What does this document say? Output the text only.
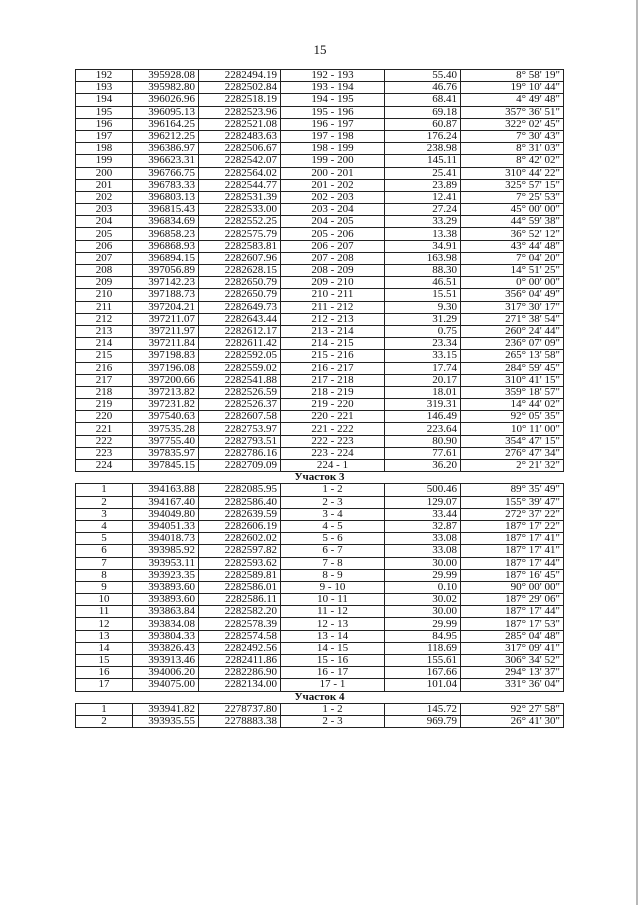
15
192	395928.08	2282494.19	192 - 193	55.40	8° 58' 19"
193	395982.80	2282502.84	193 - 194	46.76	19° 10' 44"
194	396026.96	2282518.19	194 - 195	68.41	4° 49' 48"
195	396095.13	2282523.96	195 - 196	69.18	357° 36' 51"
196	396164.25	2282521.08	196 - 197	60.87	322° 02' 45"
197	396212.25	2282483.63	197 - 198	176.24	7° 30' 43"
198	396386.97	2282506.67	198 - 199	238.98	8° 31' 03"
199	396623.31	2282542.07	199 - 200	145.11	8° 42' 02"
200	396766.75	2282564.02	200 - 201	25.41	310° 44' 22"
201	396783.33	2282544.77	201 - 202	23.89	325° 57' 15"
202	396803.13	2282531.39	202 - 203	12.41	7° 25' 53"
203	396815.43	2282533.00	203 - 204	27.24	45° 00' 00"
204	396834.69	2282552.25	204 - 205	33.29	44° 59' 38"
205	396858.23	2282575.79	205 - 206	13.38	36° 52' 12"
206	396868.93	2282583.81	206 - 207	34.91	43° 44' 48"
207	396894.15	2282607.96	207 - 208	163.98	7° 04' 20"
208	397056.89	2282628.15	208 - 209	88.30	14° 51' 25"
209	397142.23	2282650.79	209 - 210	46.51	0° 00' 00"
210	397188.73	2282650.79	210 - 211	15.51	356° 04' 49"
211	397204.21	2282649.73	211 - 212	9.30	317° 30' 17"
212	397211.07	2282643.44	212 - 213	31.29	271° 38' 54"
213	397211.97	2282612.17	213 - 214	0.75	260° 24' 44"
214	397211.84	2282611.42	214 - 215	23.34	236° 07' 09"
215	397198.83	2282592.05	215 - 216	33.15	265° 13' 58"
216	397196.08	2282559.02	216 - 217	17.74	284° 59' 45"
217	397200.66	2282541.88	217 - 218	20.17	310° 41' 15"
218	397213.82	2282526.59	218 - 219	18.01	359° 18' 57"
219	397231.82	2282526.37	219 - 220	319.31	14° 44' 02"
220	397540.63	2282607.58	220 - 221	146.49	92° 05' 35"
221	397535.28	2282753.97	221 - 222	223.64	10° 11' 00"
222	397755.40	2282793.51	222 - 223	80.90	354° 47' 15"
223	397835.97	2282786.16	223 - 224	77.61	276° 47' 34"
224	397845.15	2282709.09	224 - 1	36.20	2° 21' 32"
Участок 3					
1	394163.88	2282085.95	1 - 2	500.46	89° 35' 49"
2	394167.40	2282586.40	2 - 3	129.07	155° 39' 47"
3	394049.80	2282639.59	3 - 4	33.44	272° 37' 22"
4	394051.33	2282606.19	4 - 5	32.87	187° 17' 22"
5	394018.73	2282602.02	5 - 6	33.08	187° 17' 41"
6	393985.92	2282597.82	6 - 7	33.08	187° 17' 41"
7	393953.11	2282593.62	7 - 8	30.00	187° 17' 44"
8	393923.35	2282589.81	8 - 9	29.99	187° 16' 45"
9	393893.60	2282586.01	9 - 10	0.10	90° 00' 00"
10	393893.60	2282586.11	10 - 11	30.02	187° 29' 06"
11	393863.84	2282582.20	11 - 12	30.00	187° 17' 44"
12	393834.08	2282578.39	12 - 13	29.99	187° 17' 53"
13	393804.33	2282574.58	13 - 14	84.95	285° 04' 48"
14	393826.43	2282492.56	14 - 15	118.69	317° 09' 41"
15	393913.46	2282411.86	15 - 16	155.61	306° 34' 52"
16	394006.20	2282286.90	16 - 17	167.66	294° 13' 37"
17	394075.00	2282134.00	17 - 1	101.04	331° 36' 04"
Участок 4					
1	393941.82	2278737.80	1 - 2	145.72	92° 27' 58"
2	393935.55	2278883.38	2 - 3	969.79	26° 41' 30"
